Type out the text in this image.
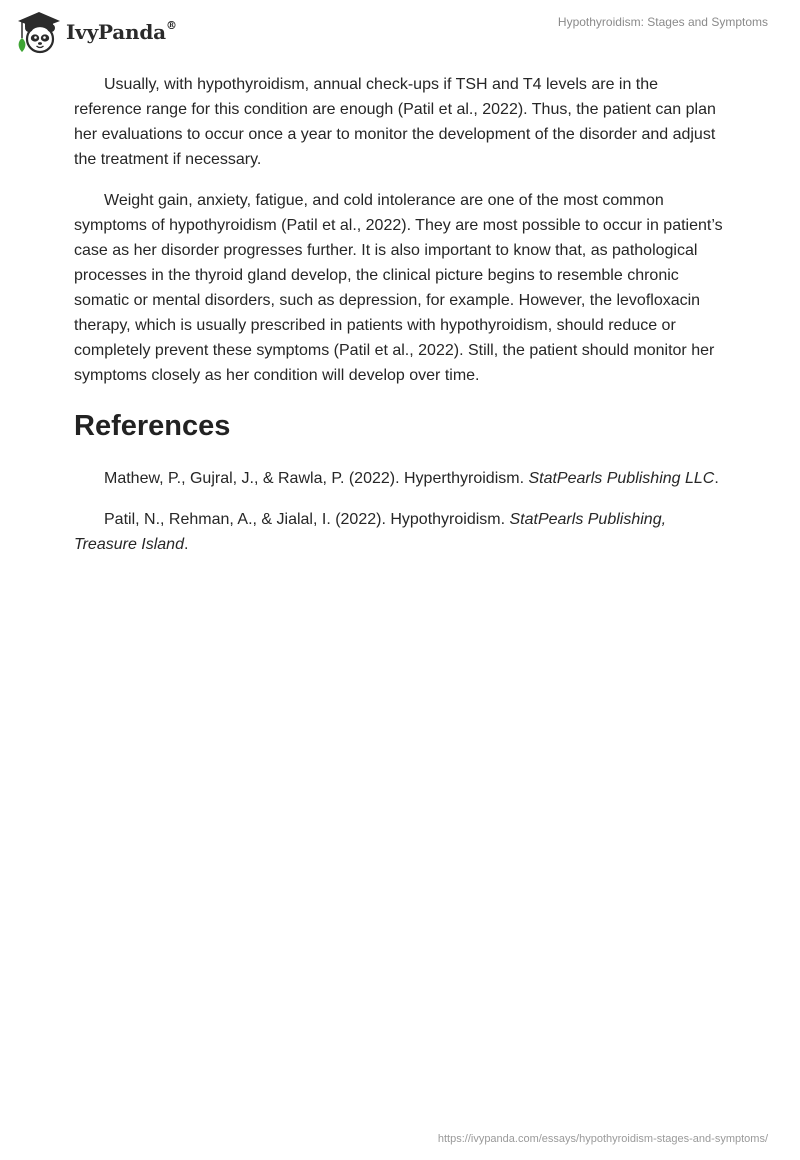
IvyPanda®	Hypothyroidism: Stages and Symptoms

Usually, with hypothyroidism, annual check-ups if TSH and T4 levels are in the reference range for this condition are enough (Patil et al., 2022). Thus, the patient can plan her evaluations to occur once a year to monitor the development of the disorder and adjust the treatment if necessary.

Weight gain, anxiety, fatigue, and cold intolerance are one of the most common symptoms of hypothyroidism (Patil et al., 2022). They are most possible to occur in patient’s case as her disorder progresses further. It is also important to know that, as pathological processes in the thyroid gland develop, the clinical picture begins to resemble chronic somatic or mental disorders, such as depression, for example. However, the levofloxacin therapy, which is usually prescribed in patients with hypothyroidism, should reduce or completely prevent these symptoms (Patil et al., 2022). Still, the patient should monitor her symptoms closely as her condition will develop over time.

References

Mathew, P., Gujral, J., & Rawla, P. (2022). Hyperthyroidism. StatPearls Publishing LLC.

Patil, N., Rehman, A., & Jialal, I. (2022). Hypothyroidism. StatPearls Publishing, Treasure Island.

https://ivypanda.com/essays/hypothyroidism-stages-and-symptoms/
